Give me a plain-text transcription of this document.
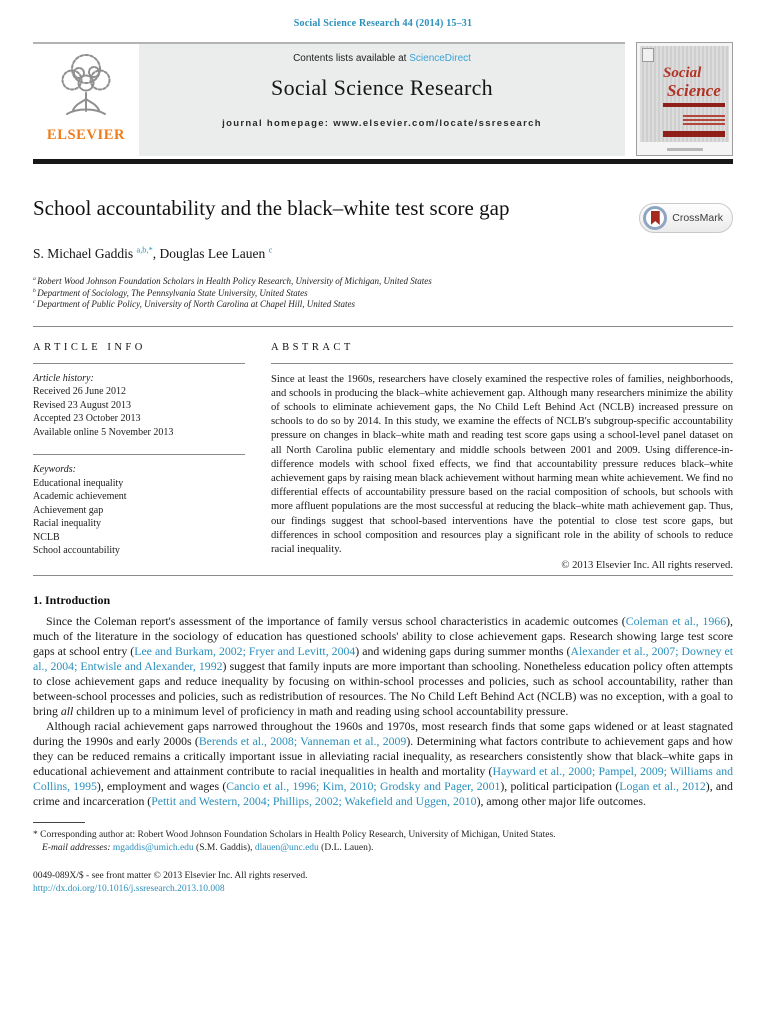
Social Science Research 44 (2014) 15–31
ELSEVIER
Contents lists available at ScienceDirect
Social Science Research
journal homepage: www.elsevier.com/locate/ssresearch
Social
Science
School accountability and the black–white test score gap	CrossMark
S. Michael Gaddis $^{a,b,*}$, Douglas Lee Lauen $^c$
$^a$ Robert Wood Johnson Foundation Scholars in Health Policy Research, University of Michigan, United States
$^b$ Department of Sociology, The Pennsylvania State University, United States
$^c$ Department of Public Policy, University of North Carolina at Chapel Hill, United States
ARTICLE INFO
Article history:
Received 26 June 2012
Revised 23 August 2013
Accepted 23 October 2013
Available online 5 November 2013
Keywords:
Educational inequality
Academic achievement
Achievement gap
Racial inequality
NCLB
School accountability
ABSTRACT

Since at least the 1960s, researchers have closely examined the respective roles of families, neighborhoods, and schools in producing the black–white achievement gap. Although many researchers minimize the ability of schools to eliminate achievement gaps, the No Child Left Behind Act (NCLB) increased pressure on schools to do so by 2014. In this study, we examine the effects of NCLB's subgroup-specific accountability pressure on changes in black–white math and reading test score gaps using a school-level panel dataset on all North Carolina public elementary and middle schools between 2001 and 2009. Using difference-in-difference models with school fixed effects, we find that accountability pressure reduces black–white achievement gaps by raising mean black achievement without harming mean white achievement. We find no differential effects of accountability pressure based on the racial composition of schools, but schools with more affluent populations are the most successful at reducing the black–white math achievement gap. Thus, our findings suggest that school-based interventions have the potential to close test score gaps, but differences in school composition and resources play a significant role in the ability of schools to reduce racial inequality.

© 2013 Elsevier Inc. All rights reserved.
1. Introduction

Since the Coleman report's assessment of the importance of family versus school characteristics in academic outcomes (Coleman et al., 1966), much of the literature in the sociology of education has questioned schools' ability to close achievement gaps. Research showing large test score gaps at school entry (Lee and Burkam, 2002; Fryer and Levitt, 2004) and widening gaps during summer months (Alexander et al., 2007; Downey et al., 2004; Entwisle and Alexander, 1992) suggest that family inputs are more important than schooling. Nonetheless education policy often attempts to close achievement gaps and reduce inequality by focusing on within-school processes and policies, such as school accountability, rather than between-school processes and policies, such as redistribution of resources. The No Child Left Behind Act (NCLB) was no exception, with a goal to bring all children up to a minimum level of proficiency in math and reading using school accountability pressure.

Although racial achievement gaps narrowed throughout the 1960s and 1970s, most research finds that some gaps widened or at least stagnated during the 1990s and early 2000s (Berends et al., 2008; Vanneman et al., 2009). Determining what factors contribute to achievement gaps and how they can be reduced remains a critically important issue in alleviating racial inequality, as researchers consistently show that black–white gaps in educational achievement and attainment contribute to racial inequalities in health and mortality (Hayward et al., 2000; Pampel, 2009; Williams and Collins, 1995), employment and wages (Cancio et al., 1996; Kim, 2010; Grodsky and Pager, 2001), political participation (Logan et al., 2012), and crime and incarceration (Pettit and Western, 2004; Phillips, 2002; Wakefield and Uggen, 2010), among other major life outcomes.

* Corresponding author at: Robert Wood Johnson Foundation Scholars in Health Policy Research, University of Michigan, United States.
E-mail addresses: mgaddis@umich.edu (S.M. Gaddis), dlauen@unc.edu (D.L. Lauen).
0049-089X/$ - see front matter © 2013 Elsevier Inc. All rights reserved.
http://dx.doi.org/10.1016/j.ssresearch.2013.10.008
